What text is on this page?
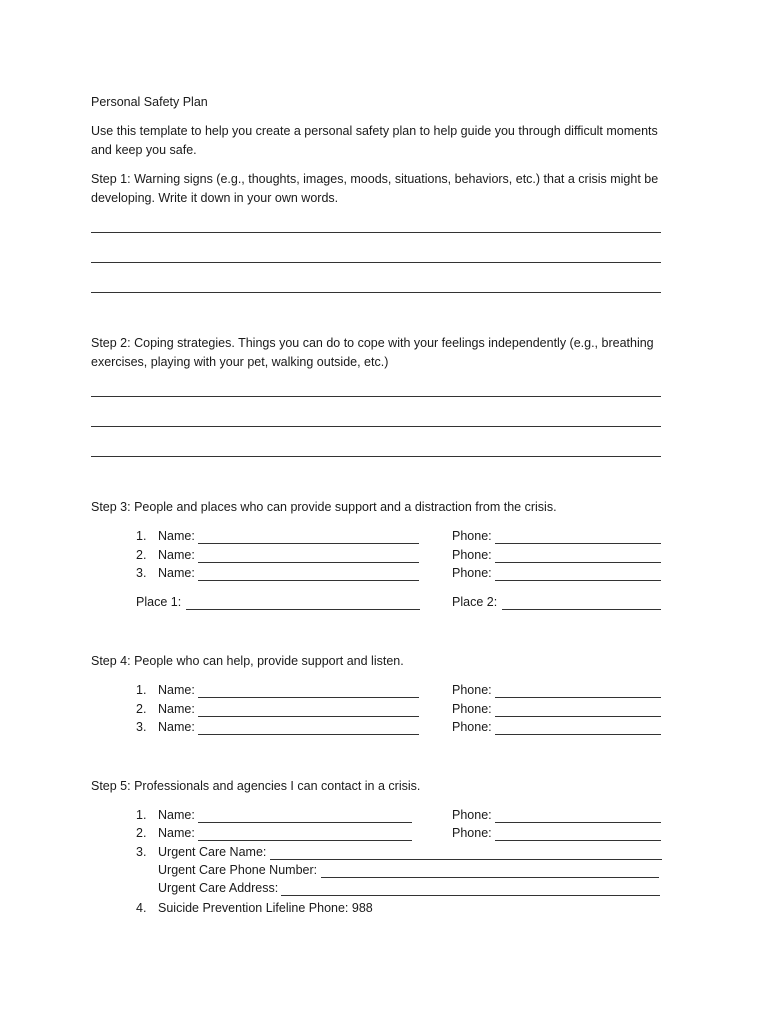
Personal Safety Plan
Use this template to help you create a personal safety plan to help guide you through difficult moments and keep you safe.
Step 1: Warning signs (e.g., thoughts, images, moods, situations, behaviors, etc.) that a crisis might be developing. Write it down in your own words.
Step 2: Coping strategies. Things you can do to cope with your feelings independently (e.g., breathing exercises, playing with your pet, walking outside, etc.)
Step 3: People and places who can provide support and a distraction from the crisis.
1. Name:	Phone:
2. Name:	Phone:
3. Name:	Phone:
Place 1:	Place 2:
Step 4: People who can help, provide support and listen.
1. Name:	Phone:
2. Name:	Phone:
3. Name:	Phone:
Step 5: Professionals and agencies I can contact in a crisis.
1. Name:	Phone:
2. Name:	Phone:
3. Urgent Care Name:
Urgent Care Phone Number:
Urgent Care Address:
4. Suicide Prevention Lifeline Phone: 988
